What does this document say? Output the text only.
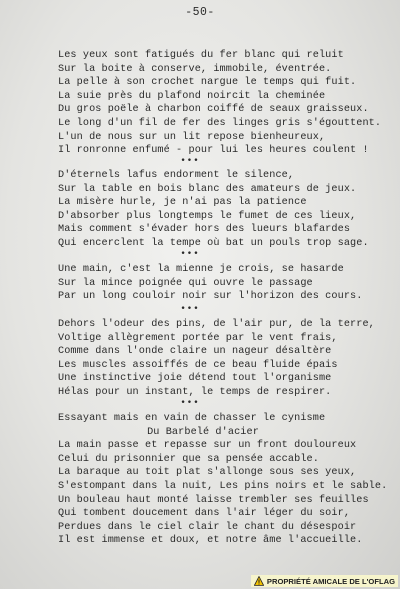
-50-
Les yeux sont fatigués du fer blanc qui reluit
Sur la boite à conserve, immobile, éventrée.
La pelle à son crochet nargue le temps qui fuit.
La suie près du plafond noircit la cheminée
Du gros poële à charbon coiffé de seaux graisseux.
Le long d'un fil de fer des linges gris s'égouttent.
L'un de nous sur un lit repose bienheureux,
Il ronronne enfumé - pour lui les heures coulent !
•••
D'éternels lafus endorment le silence,
Sur la table en bois blanc des amateurs de jeux.
La misère hurle, je n'ai pas la patience
D'absorber plus longtemps le fumet de ces lieux,
Mais comment s'évader hors des lueurs blafardes
Qui encerclent la tempe où bat un pouls trop sage.
•••
Une main, c'est la mienne je crois, se hasarde
Sur la mince poignée qui ouvre le passage
Par un long couloir noir sur l'horizon des cours.
•••
Dehors l'odeur des pins, de l'air pur, de la terre,
Voltige allègrement portée par le vent frais,
Comme dans l'onde claire un nageur désaltère
Les muscles assoiffés de ce beau fluide épais
Une instinctive joie détend tout l'organisme
Hélas pour un instant, le temps de respirer.
•••
Essayant mais en vain de chasser le cynisme
Du Barbelé d'acier
La main passe et repasse sur un front douloureux
Celui du prisonnier que sa pensée accable.
La baraque au toit plat s'allonge sous ses yeux,
S'estompant dans la nuit, Les pins noirs et le sable.
Un bouleau haut monté laisse trembler ses feuilles
Qui tombent doucement dans l'air léger du soir,
Perdues dans le ciel clair le chant du désespoir
Il est immense et doux, et notre âme l'accueille.
PROPRIÉTÉ AMICALE DE L'OFLAG
